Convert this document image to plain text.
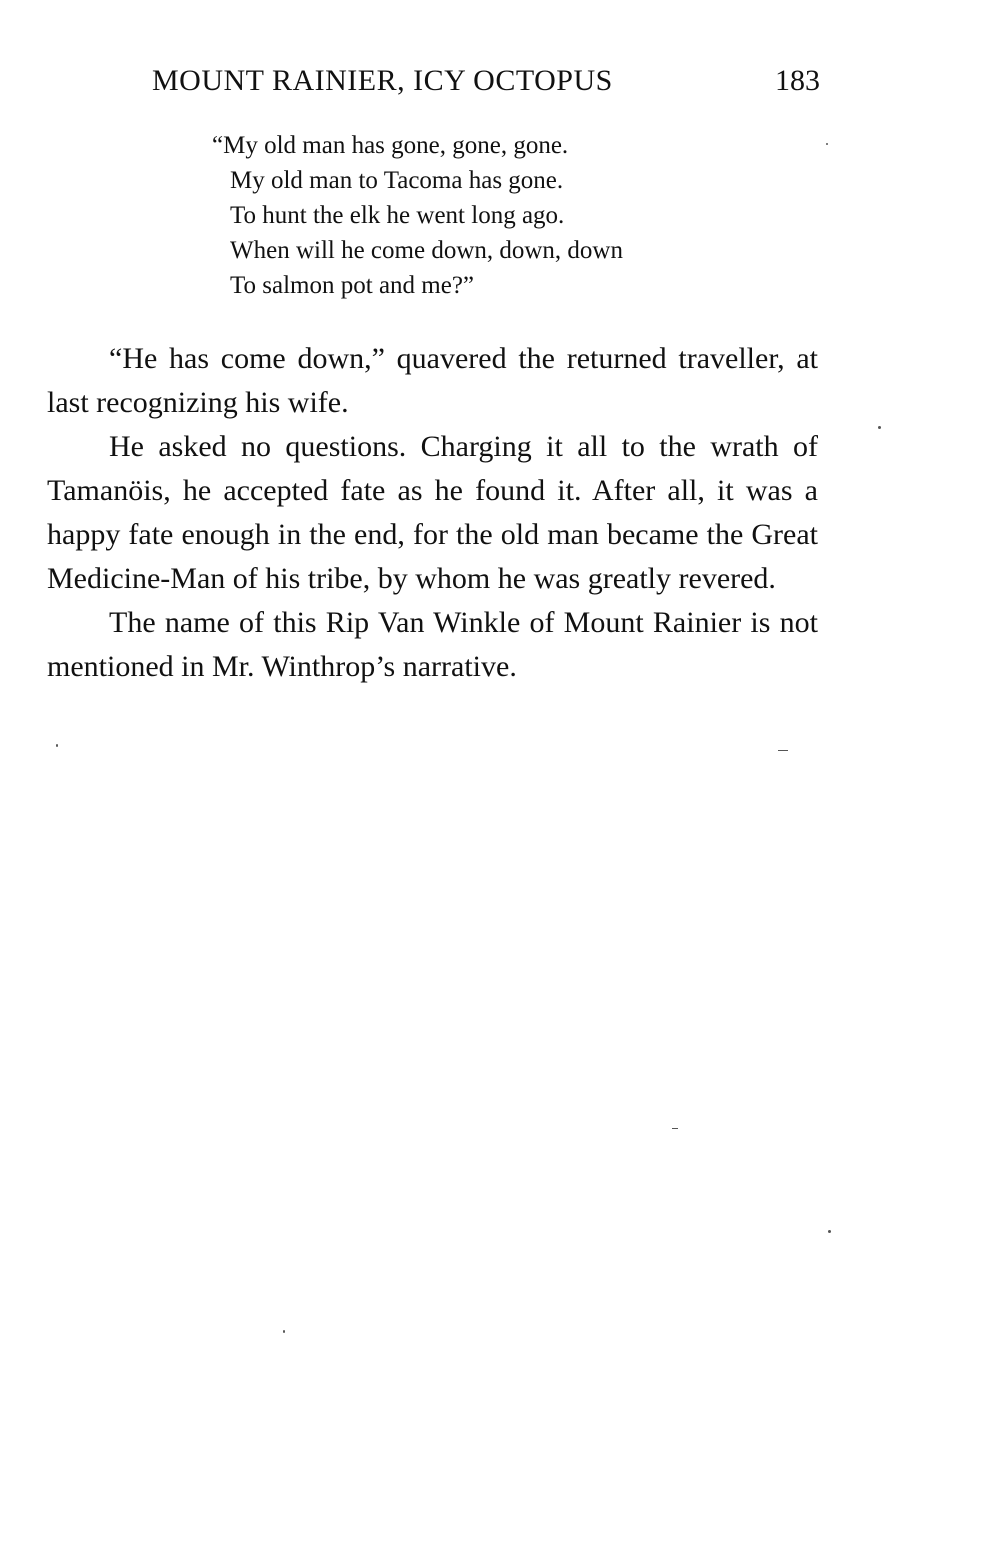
MOUNT RAINIER, ICY OCTOPUS	183
“My old man has gone, gone, gone.
My old man to Tacoma has gone.
To hunt the elk he went long ago.
When will he come down, down, down
To salmon pot and me?”

“He has come down,” quavered the returned traveller, at last recognizing his wife.

He asked no questions. Charging it all to the wrath of Tamanöis, he accepted fate as he found it. After all, it was a happy fate enough in the end, for the old man became the Great Medicine-Man of his tribe, by whom he was greatly revered.

The name of this Rip Van Winkle of Mount Rainier is not mentioned in Mr. Winthrop’s narrative.
